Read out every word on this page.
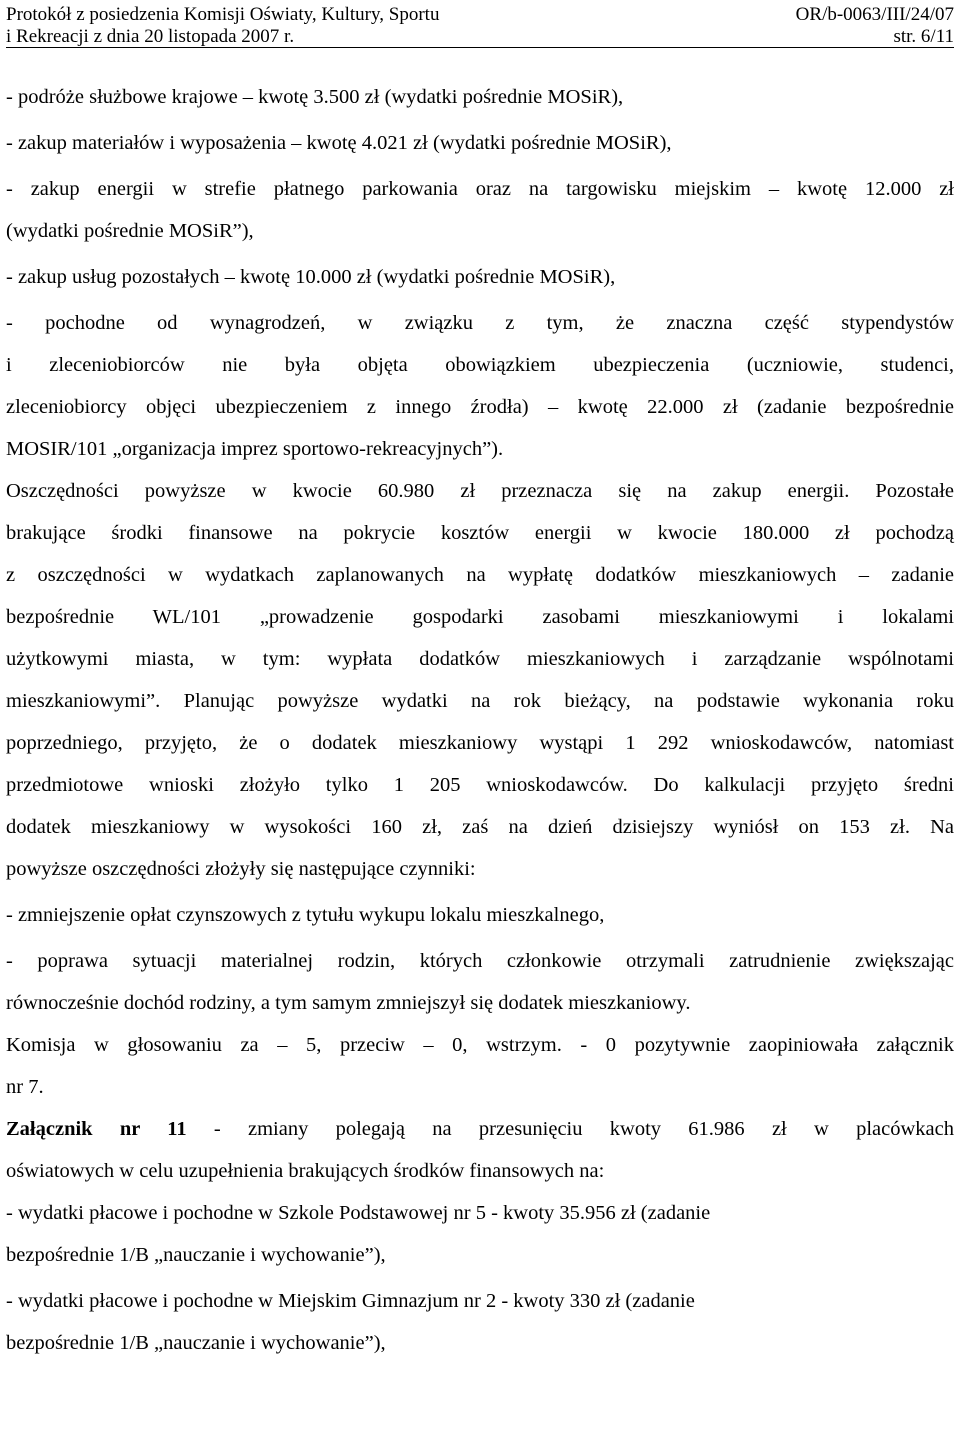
Protokół z posiedzenia Komisji Oświaty, Kultury, Sportu
i Rekreacji z dnia 20 listopada 2007 r.
OR/b-0063/III/24/07
str. 6/11
- podróże służbowe krajowe – kwotę 3.500 zł (wydatki pośrednie MOSiR),
- zakup materiałów i wyposażenia – kwotę 4.021 zł (wydatki pośrednie MOSiR),
- zakup energii w strefie płatnego parkowania oraz na targowisku miejskim – kwotę 12.000 zł
(wydatki pośrednie MOSiR”),
- zakup usług pozostałych – kwotę 10.000 zł (wydatki pośrednie MOSiR),
- pochodne od wynagrodzeń, w związku z tym, że znaczna część stypendystów
i zleceniobiorców nie była objęta obowiązkiem ubezpieczenia (uczniowie, studenci,
zleceniobiorcy objęci ubezpieczeniem z innego źrodła) – kwotę 22.000 zł (zadanie bezpośrednie
MOSIR/101 „organizacja imprez sportowo-rekreacyjnych”).
Oszczędności powyższe w kwocie 60.980 zł przeznacza się na zakup energii. Pozostałe
brakujące środki finansowe na pokrycie kosztów energii w kwocie 180.000 zł pochodzą
z oszczędności w wydatkach zaplanowanych na wypłatę dodatków mieszkaniowych – zadanie
bezpośrednie WL/101 „prowadzenie gospodarki zasobami mieszkaniowymi i lokalami
użytkowymi miasta, w tym: wypłata dodatków mieszkaniowych i zarządzanie wspólnotami
mieszkaniowymi”. Planując powyższe wydatki na rok bieżący, na podstawie wykonania roku
poprzedniego, przyjęto, że o dodatek mieszkaniowy wystąpi 1 292 wnioskodawców, natomiast
przedmiotowe wnioski złożyło tylko 1 205 wnioskodawców. Do kalkulacji przyjęto średni
dodatek mieszkaniowy w wysokości 160 zł, zaś na dzień dzisiejszy wyniósł on 153 zł. Na
powyższe oszczędności złożyły się następujące czynniki:
- zmniejszenie opłat czynszowych z tytułu wykupu lokalu mieszkalnego,
- poprawa sytuacji materialnej rodzin, których członkowie otrzymali zatrudnienie zwiększając
równocześnie dochód rodziny, a tym samym zmniejszył się dodatek mieszkaniowy.
Komisja w głosowaniu za – 5, przeciw – 0, wstrzym. - 0 pozytywnie zaopiniowała załącznik
nr 7.
Załącznik nr 11 - zmiany polegają na przesunięciu kwoty 61.986 zł w placówkach
oświatowych w celu uzupełnienia brakujących środków finansowych na:
- wydatki płacowe i pochodne w Szkole Podstawowej nr 5 - kwoty 35.956 zł (zadanie
bezpośrednie 1/B „nauczanie i wychowanie”),
- wydatki płacowe i pochodne w Miejskim Gimnazjum nr 2 - kwoty 330 zł (zadanie
bezpośrednie 1/B „nauczanie i wychowanie”),
